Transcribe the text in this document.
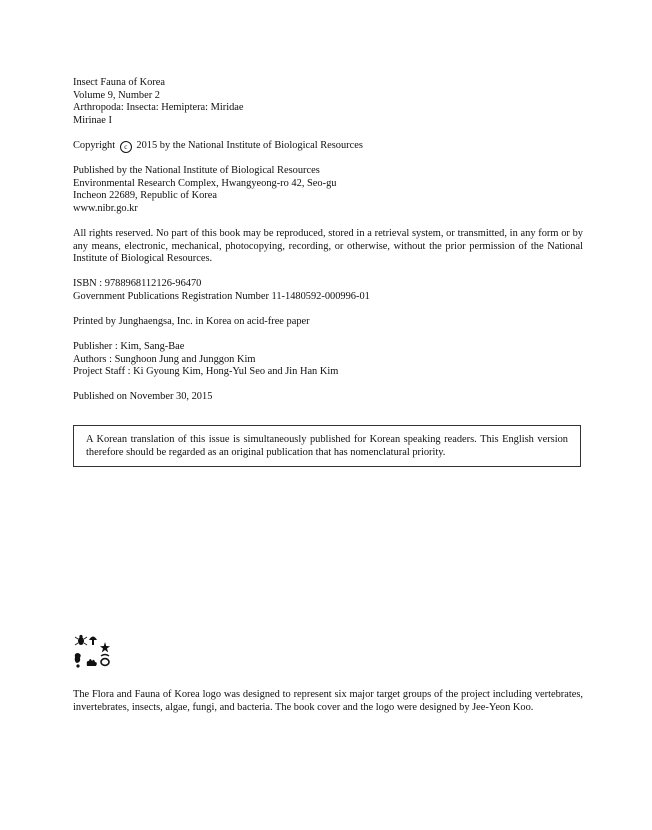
Insect Fauna of Korea
Volume 9, Number 2
Arthropoda: Insecta: Hemiptera: Miridae
Mirinae I
Copyright c 2015 by the National Institute of Biological Resources
Published by the National Institute of Biological Resources
Environmental Research Complex, Hwangyeong-ro 42, Seo-gu
Incheon 22689, Republic of Korea
www.nibr.go.kr
All rights reserved. No part of this book may be reproduced, stored in a retrieval system, or transmitted, in any form or by any means, electronic, mechanical, photocopying, recording, or otherwise, without the prior permission of the National Institute of Biological Resources.
ISBN : 9788968112126-96470
Government Publications Registration Number 11-1480592-000996-01
Printed by Junghaengsa, Inc. in Korea on acid-free paper
Publisher : Kim, Sang-Bae
Authors : Sunghoon Jung and Junggon Kim
Project Staff : Ki Gyoung Kim, Hong-Yul Seo and Jin Han Kim
Published on November 30, 2015
A Korean translation of this issue is simultaneously published for Korean speaking readers. This English version therefore should be regarded as an original publication that has nomenclatural priority.
The Flora and Fauna of Korea logo was designed to represent six major target groups of the project including vertebrates, invertebrates, insects, algae, fungi, and bacteria. The book cover and the logo were designed by Jee-Yeon Koo.
